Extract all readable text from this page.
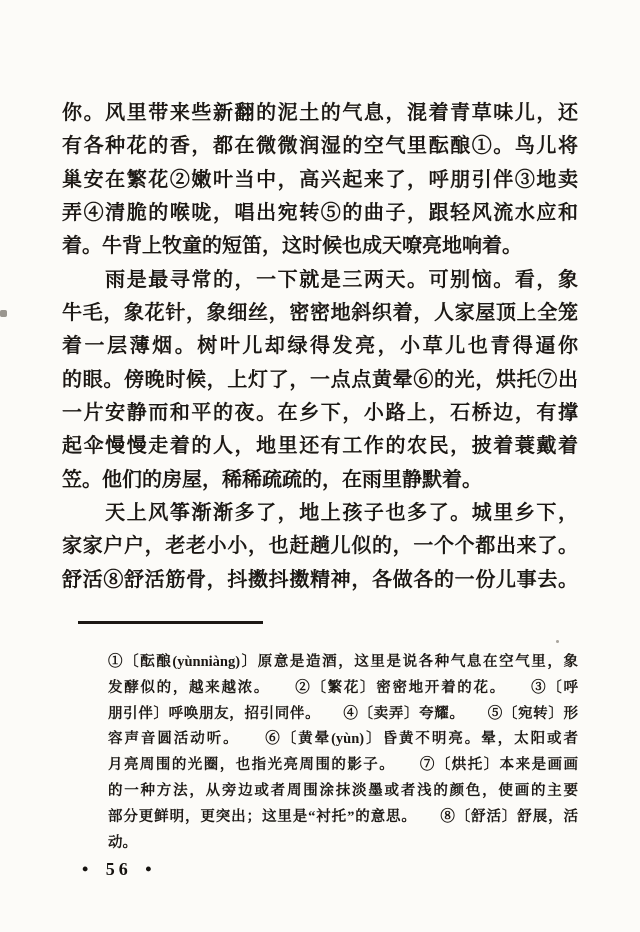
你。风里带来些新翻的泥土的气息，混着青草味儿，还
有各种花的香，都在微微润湿的空气里酝酿①。鸟儿将
巢安在繁花②嫩叶当中，高兴起来了，呼朋引伴③地卖
弄④清脆的喉咙，唱出宛转⑤的曲子，跟轻风流水应和
着。牛背上牧童的短笛，这时候也成天嘹亮地响着。
　　雨是最寻常的，一下就是三两天。可别恼。看，象
牛毛，象花针，象细丝，密密地斜织着，人家屋顶上全笼
着一层薄烟。树叶儿却绿得发亮，小草儿也青得逼你
的眼。傍晚时候，上灯了，一点点黄晕⑥的光，烘托⑦出
一片安静而和平的夜。在乡下，小路上，石桥边，有撑
起伞慢慢走着的人，地里还有工作的农民，披着蓑戴着
笠。他们的房屋，稀稀疏疏的，在雨里静默着。
　　天上风筝渐渐多了，地上孩子也多了。城里乡下，
家家户户，老老小小，也赶趟儿似的，一个个都出来了。
舒活⑧舒活筋骨，抖擞抖擞精神，各做各的一份儿事去。
①〔酝酿(yùnniàng)〕原意是造酒，这里是说各种气息在空气里，象
发酵似的，越来越浓。　　②〔繁花〕密密地开着的花。　　③〔呼
朋引伴〕呼唤朋友，招引同伴。　　④〔卖弄〕夸耀。　　⑤〔宛转〕形
容声音圆活动听。　　⑥〔黄晕(yùn)〕昏黄不明亮。晕，太阳或者
月亮周围的光圈，也指光亮周围的影子。　　⑦〔烘托〕本来是画画
的一种方法，从旁边或者周围涂抹淡墨或者浅的颜色，使画的主要
部分更鲜明，更突出；这里是“衬托”的意思。　　⑧〔舒活〕舒展，活
动。
• 56 •
